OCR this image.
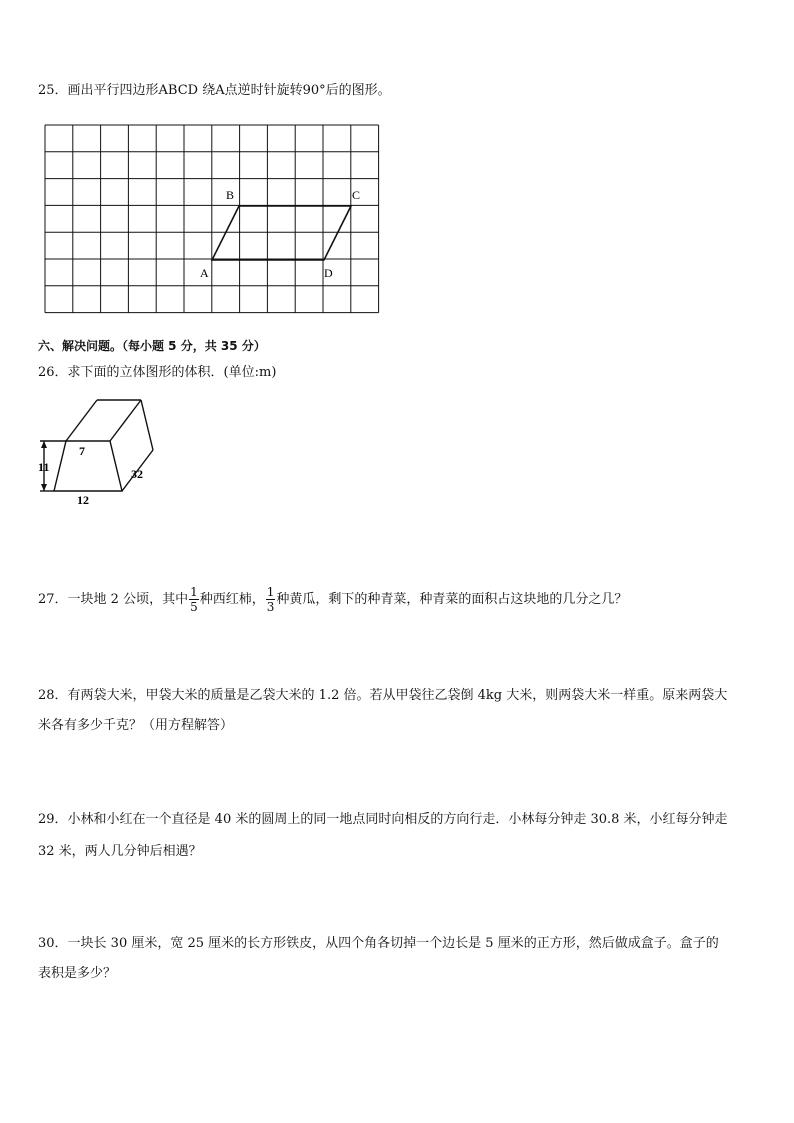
25．画出平行四边形ABCD 绕A点逆时针旋转90°后的图形。
A
B	C
D
六、解决问题。（每小题 5 分，共 35 分）
26．求下面的立体图形的体积．(单位:m)
7
11
12
32
27．一块地 2 公顷，其中 $\frac{1}{5}$ 种西红柿， $\frac{1}{3}$ 种黄瓜，剩下的种青菜，种青菜的面积占这块地的几分之几？
28．有两袋大米，甲袋大米的质量是乙袋大米的 1.2 倍。若从甲袋往乙袋倒 4kg 大米，则两袋大米一样重。原来两袋大
米各有多少千克？（用方程解答）
29．小林和小红在一个直径是 40 米的圆周上的同一地点同时向相反的方向行走．小林每分钟走 30.8 米，小红每分钟走
32 米，两人几分钟后相遇？
30．一块长 30 厘米，宽 25 厘米的长方形铁皮，从四个角各切掉一个边长是 5 厘米的正方形，然后做成盒子。盒子的
表积是多少？
